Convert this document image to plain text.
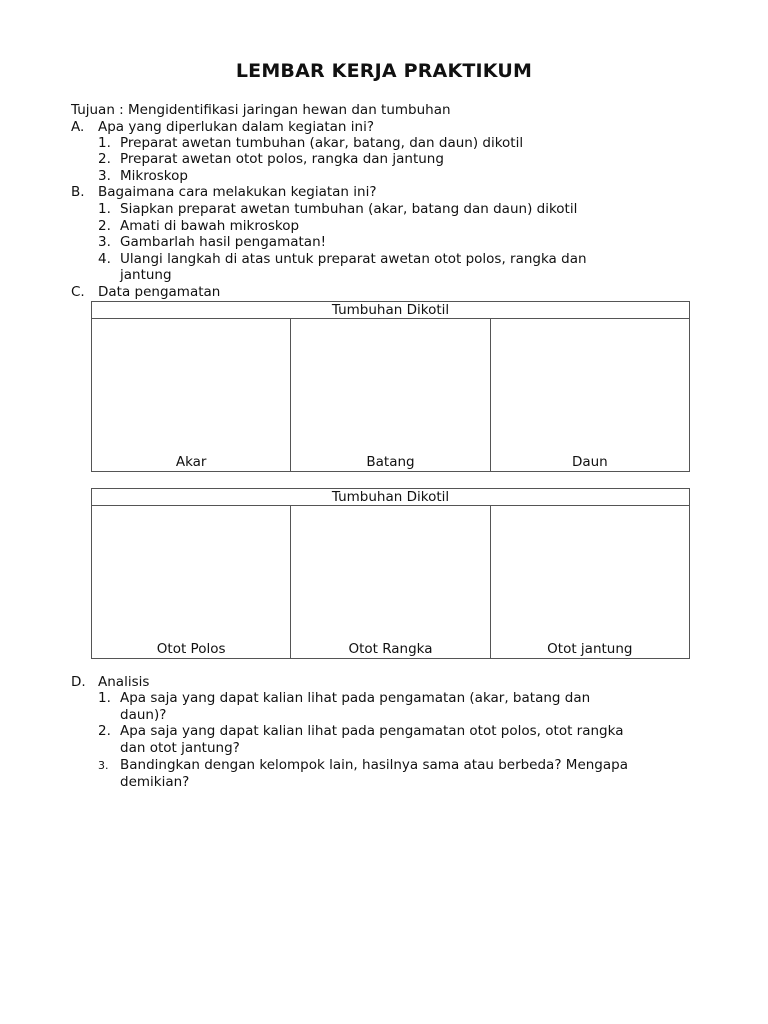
LEMBAR KERJA PRAKTIKUM
Tujuan : Mengidentifikasi jaringan hewan dan tumbuhan
A. Apa yang diperlukan dalam kegiatan ini?
1. Preparat awetan tumbuhan (akar, batang, dan daun) dikotil
2. Preparat awetan otot polos, rangka dan jantung
3. Mikroskop
B. Bagaimana cara melakukan kegiatan ini?
1. Siapkan preparat awetan tumbuhan (akar, batang dan daun) dikotil
2. Amati di bawah mikroskop
3. Gambarlah hasil pengamatan!
4. Ulangi langkah di atas untuk preparat awetan otot polos, rangka dan
jantung
C. Data pengamatan
Tumbuhan Dikotil
Akar	Batang	Daun
Tumbuhan Dikotil
Otot Polos	Otot Rangka	Otot jantung
D. Analisis
1. Apa saja yang dapat kalian lihat pada pengamatan (akar, batang dan
daun)?
2. Apa saja yang dapat kalian lihat pada pengamatan otot polos, otot rangka
dan otot jantung?
3. Bandingkan dengan kelompok lain, hasilnya sama atau berbeda? Mengapa
demikian?
